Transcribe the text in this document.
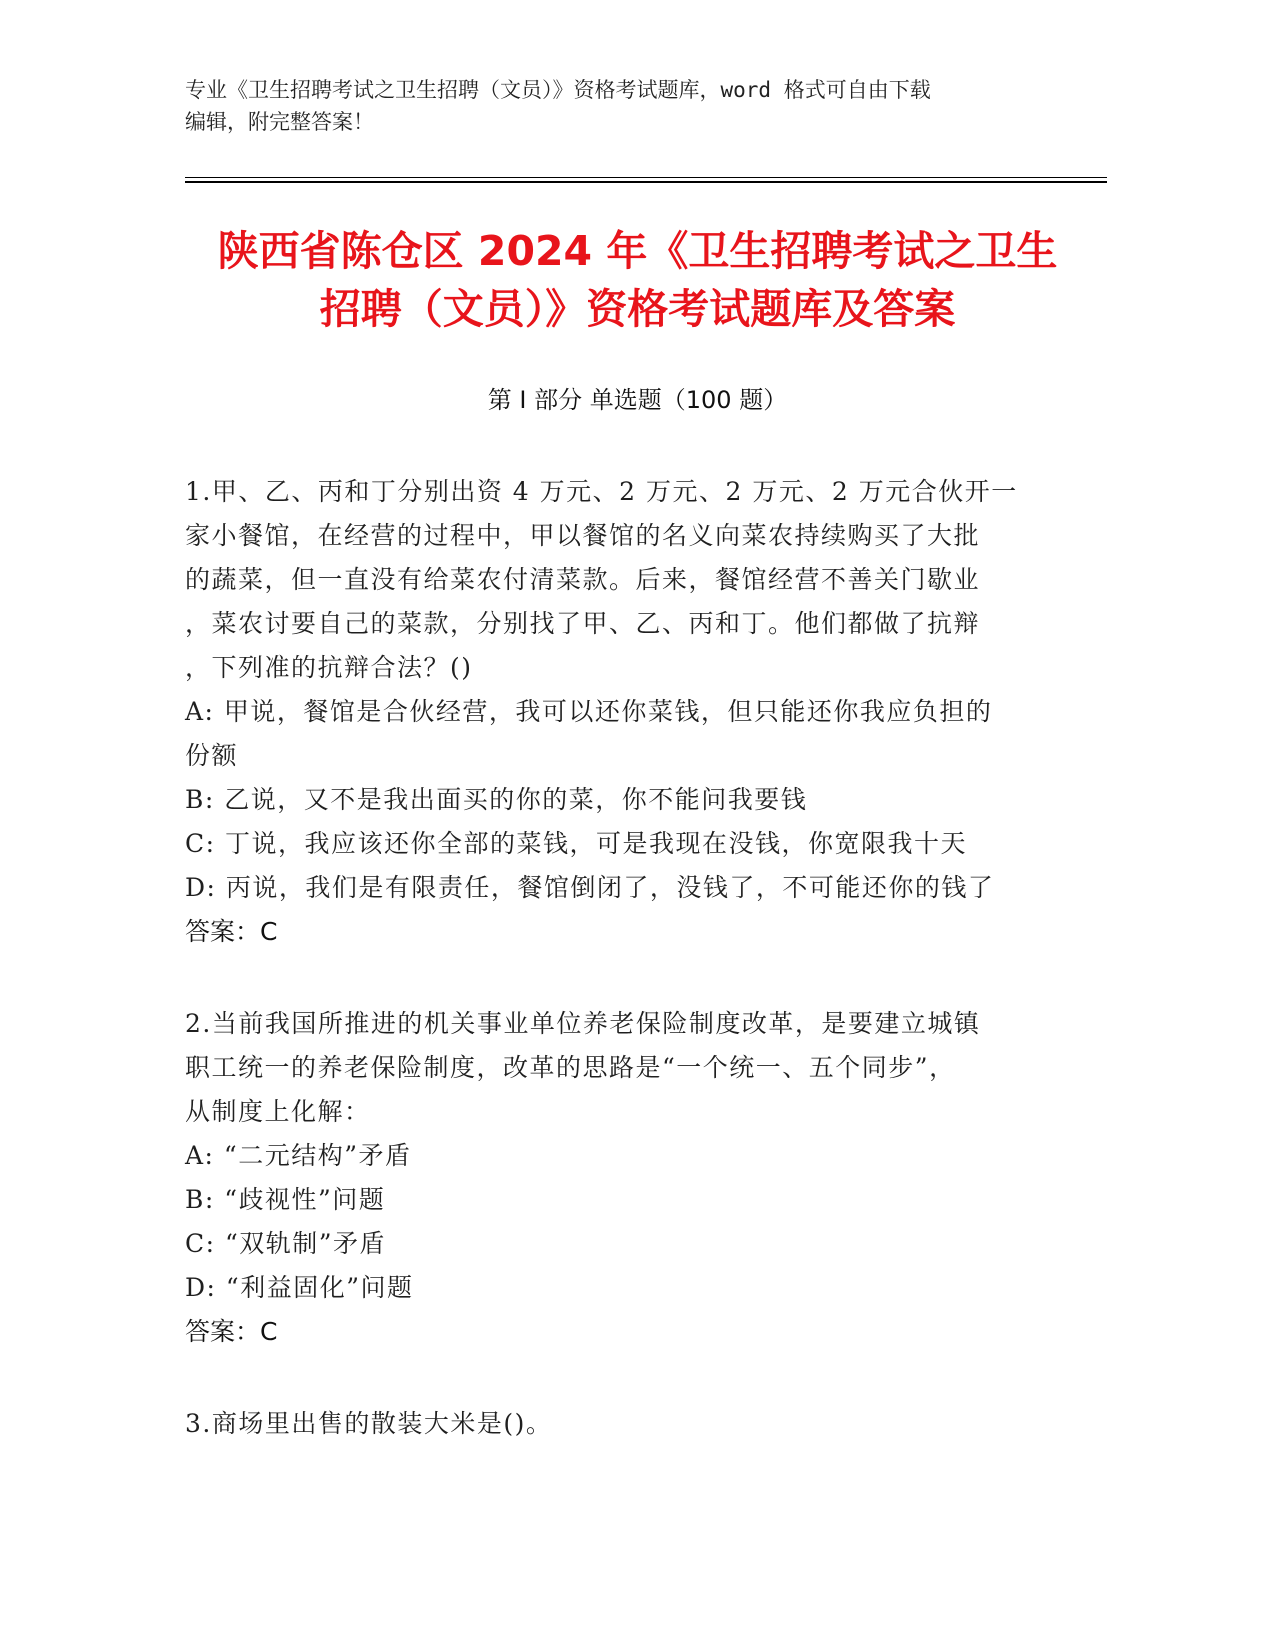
专业《卫生招聘考试之卫生招聘（文员）》资格考试题库，word 格式可自由下载
编辑，附完整答案！
陕西省陈仓区 2024 年《卫生招聘考试之卫生
招聘（文员）》资格考试题库及答案
第 I 部分 单选题（100 题）
1.甲、乙、丙和丁分别出资 4 万元、2 万元、2 万元、2 万元合伙开一
家小餐馆，在经营的过程中，甲以餐馆的名义向菜农持续购买了大批
的蔬菜，但一直没有给菜农付清菜款。后来，餐馆经营不善关门歇业
，菜农讨要自己的菜款，分别找了甲、乙、丙和丁。他们都做了抗辩
，下列准的抗辩合法？()
A: 甲说，餐馆是合伙经营，我可以还你菜钱，但只能还你我应负担的
份额
B: 乙说，又不是我出面买的你的菜，你不能问我要钱
C: 丁说，我应该还你全部的菜钱，可是我现在没钱，你宽限我十天
D: 丙说，我们是有限责任，餐馆倒闭了，没钱了，不可能还你的钱了
答案：C
2.当前我国所推进的机关事业单位养老保险制度改革，是要建立城镇
职工统一的养老保险制度，改革的思路是“一个统一、五个同步”，
从制度上化解：
A: “二元结构”矛盾
B: “歧视性”问题
C: “双轨制”矛盾
D: “利益固化”问题
答案：C
3.商场里出售的散装大米是()。
